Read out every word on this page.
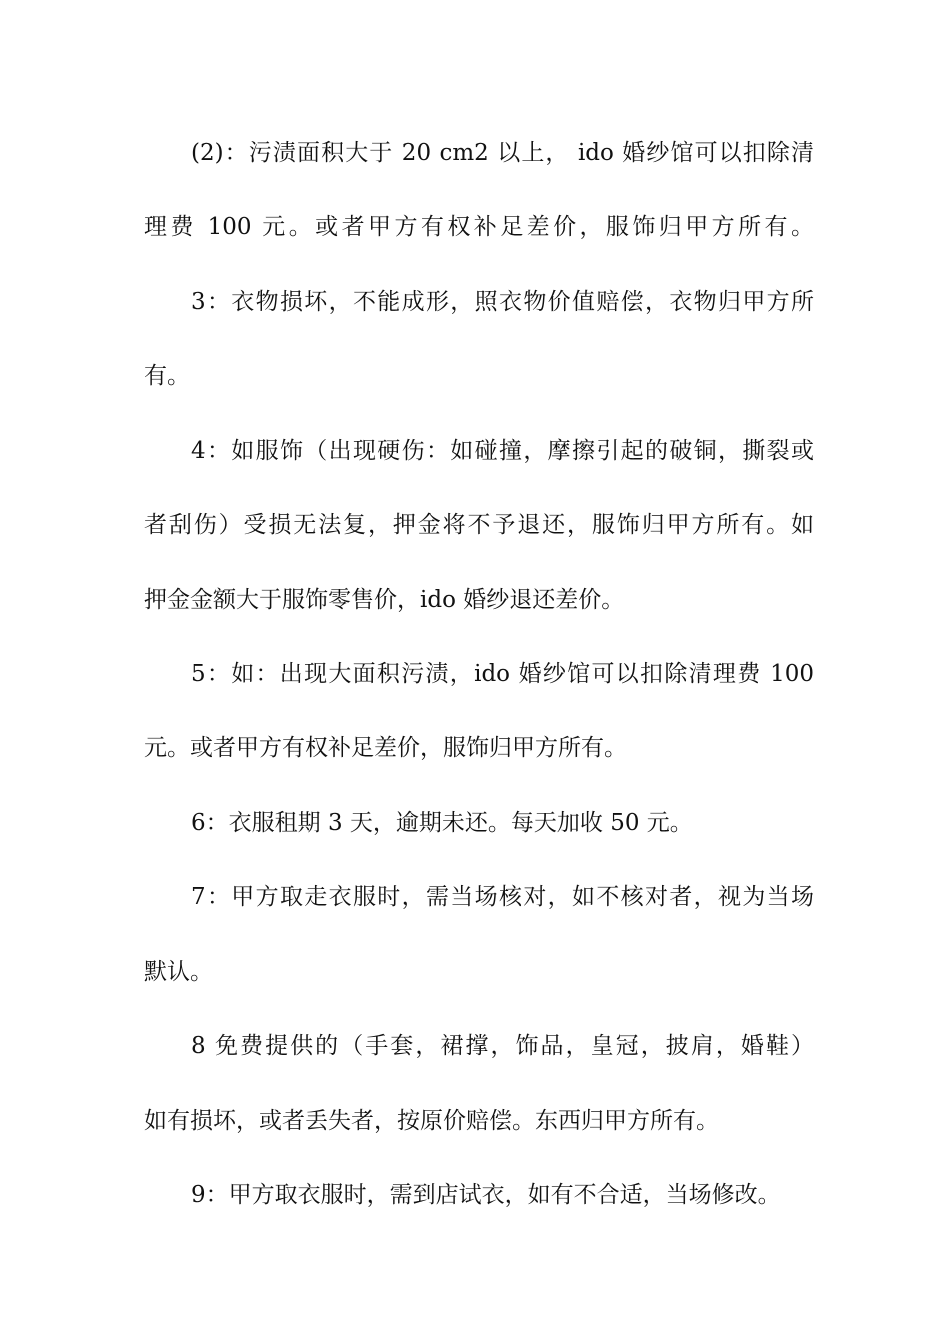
(2)：污渍面积大于 20 cm2 以上， ido 婚纱馆可以扣除清
理费 100 元。或者甲方有权补足差价，服饰归甲方所有。
3：衣物损坏，不能成形，照衣物价值赔偿，衣物归甲方所
有。
4：如服饰（出现硬伤：如碰撞，摩擦引起的破铜，撕裂或
者刮伤）受损无法复，押金将不予退还，服饰归甲方所有。如
押金金额大于服饰零售价，ido 婚纱退还差价。
5：如：出现大面积污渍，ido 婚纱馆可以扣除清理费 100
元。或者甲方有权补足差价，服饰归甲方所有。
6：衣服租期 3 天，逾期未还。每天加收 50 元。
7：甲方取走衣服时，需当场核对，如不核对者，视为当场
默认。
8 免费提供的（手套，裙撑，饰品，皇冠，披肩，婚鞋）
如有损坏，或者丢失者，按原价赔偿。东西归甲方所有。
9：甲方取衣服时，需到店试衣，如有不合适，当场修改。
